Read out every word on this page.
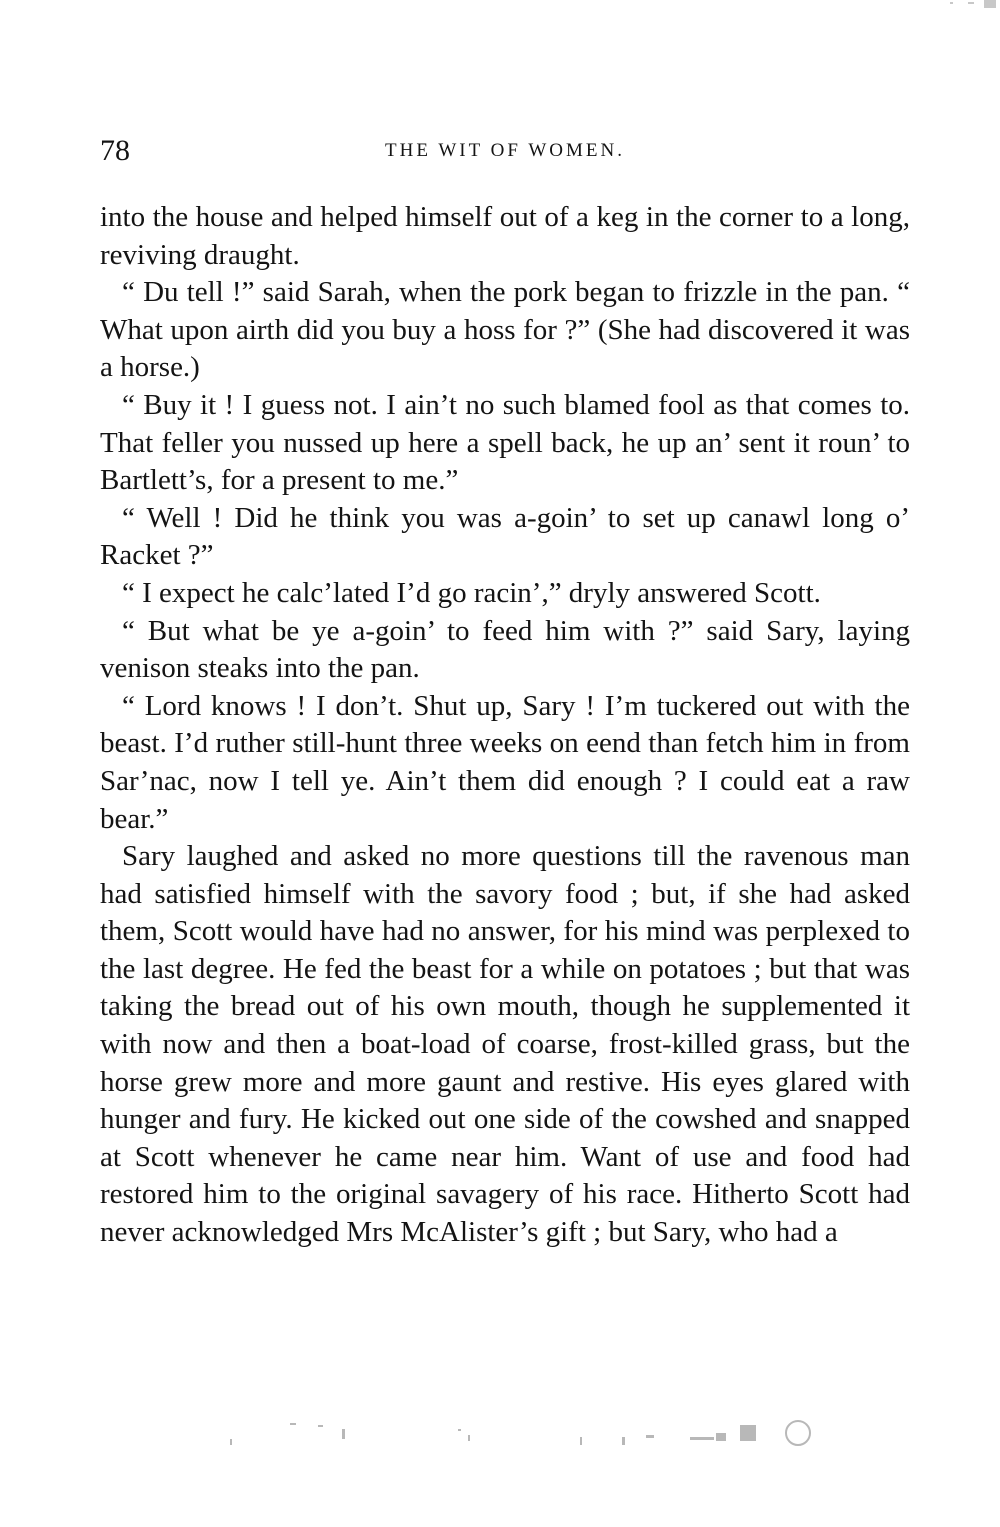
78	THE WIT OF WOMEN.

into the house and helped himself out of a keg in the corner to a long, reviving draught.

“ Du tell !” said Sarah, when the pork began to frizzle in the pan. “ What upon airth did you buy a hoss for ?” (She had discovered it was a horse.)

“ Buy it ! I guess not. I ain’t no such blamed fool as that comes to. That feller you nussed up here a spell back, he up an’ sent it roun’ to Bartlett’s, for a present to me.”

“ Well ! Did he think you was a-goin’ to set up canawl long o’ Racket ?”

“ I expect he calc’lated I’d go racin’,” dryly answered Scott.

“ But what be ye a-goin’ to feed him with ?” said Sary, laying venison steaks into the pan.

“ Lord knows ! I don’t. Shut up, Sary ! I’m tuckered out with the beast. I’d ruther still-hunt three weeks on eend than fetch him in from Sar’nac, now I tell ye. Ain’t them did enough ? I could eat a raw bear.”

Sary laughed and asked no more questions till the ravenous man had satisfied himself with the savory food ; but, if she had asked them, Scott would have had no answer, for his mind was perplexed to the last degree. He fed the beast for a while on potatoes ; but that was taking the bread out of his own mouth, though he supplemented it with now and then a boat-load of coarse, frost-killed grass, but the horse grew more and more gaunt and restive. His eyes glared with hunger and fury. He kicked out one side of the cowshed and snapped at Scott whenever he came near him. Want of use and food had restored him to the original savagery of his race. Hitherto Scott had never acknowledged Mrs McAlister’s gift ; but Sary, who had a
